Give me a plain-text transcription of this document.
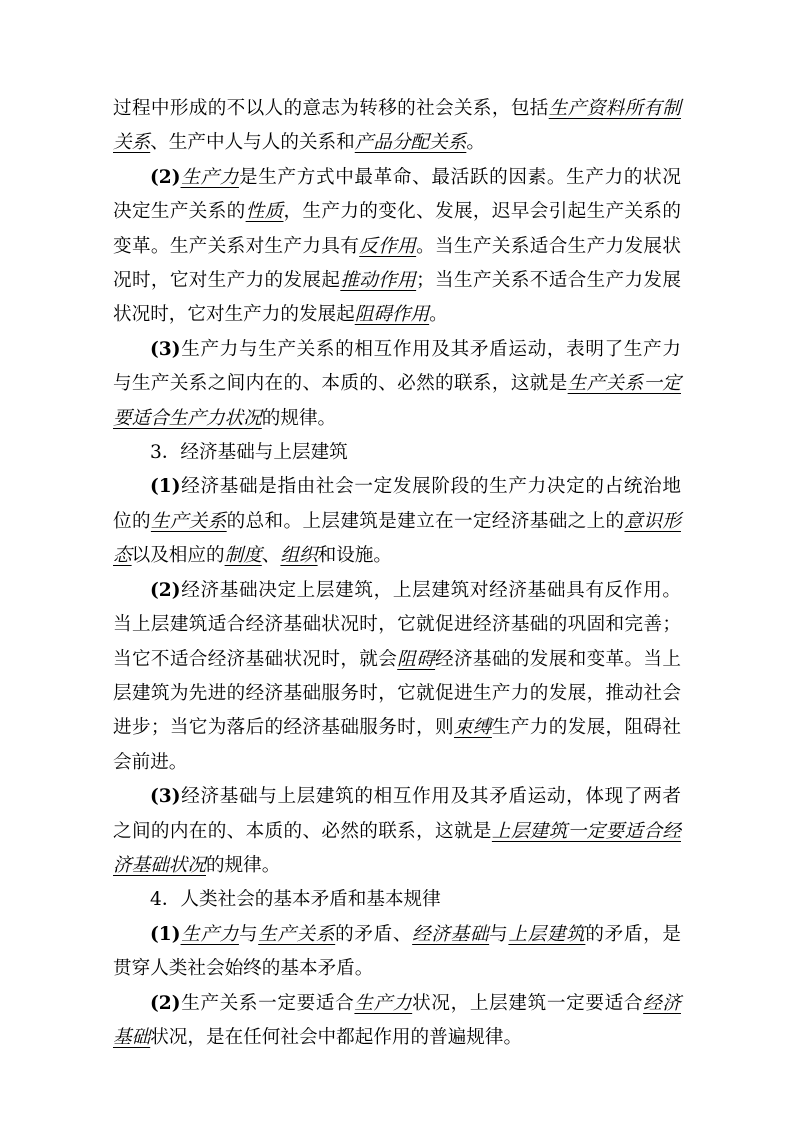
过程中形成的不以人的意志为转移的社会关系，包括生产资料所有制关系、生产中人与人的关系和产品分配关系。

(2)生产力是生产方式中最革命、最活跃的因素。生产力的状况决定生产关系的性质，生产力的变化、发展，迟早会引起生产关系的变革。生产关系对生产力具有反作用。当生产关系适合生产力发展状况时，它对生产力的发展起推动作用；当生产关系不适合生产力发展状况时，它对生产力的发展起阻碍作用。

(3)生产力与生产关系的相互作用及其矛盾运动，表明了生产力与生产关系之间内在的、本质的、必然的联系，这就是生产关系一定要适合生产力状况的规律。

3．经济基础与上层建筑

(1)经济基础是指由社会一定发展阶段的生产力决定的占统治地位的生产关系的总和。上层建筑是建立在一定经济基础之上的意识形态以及相应的制度、组织和设施。

(2)经济基础决定上层建筑，上层建筑对经济基础具有反作用。当上层建筑适合经济基础状况时，它就促进经济基础的巩固和完善；当它不适合经济基础状况时，就会阻碍经济基础的发展和变革。当上层建筑为先进的经济基础服务时，它就促进生产力的发展，推动社会进步；当它为落后的经济基础服务时，则束缚生产力的发展，阻碍社会前进。

(3)经济基础与上层建筑的相互作用及其矛盾运动，体现了两者之间的内在的、本质的、必然的联系，这就是上层建筑一定要适合经济基础状况的规律。

4．人类社会的基本矛盾和基本规律

(1)生产力与生产关系的矛盾、经济基础与上层建筑的矛盾，是贯穿人类社会始终的基本矛盾。

(2)生产关系一定要适合生产力状况，上层建筑一定要适合经济基础状况，是在任何社会中都起作用的普遍规律。
